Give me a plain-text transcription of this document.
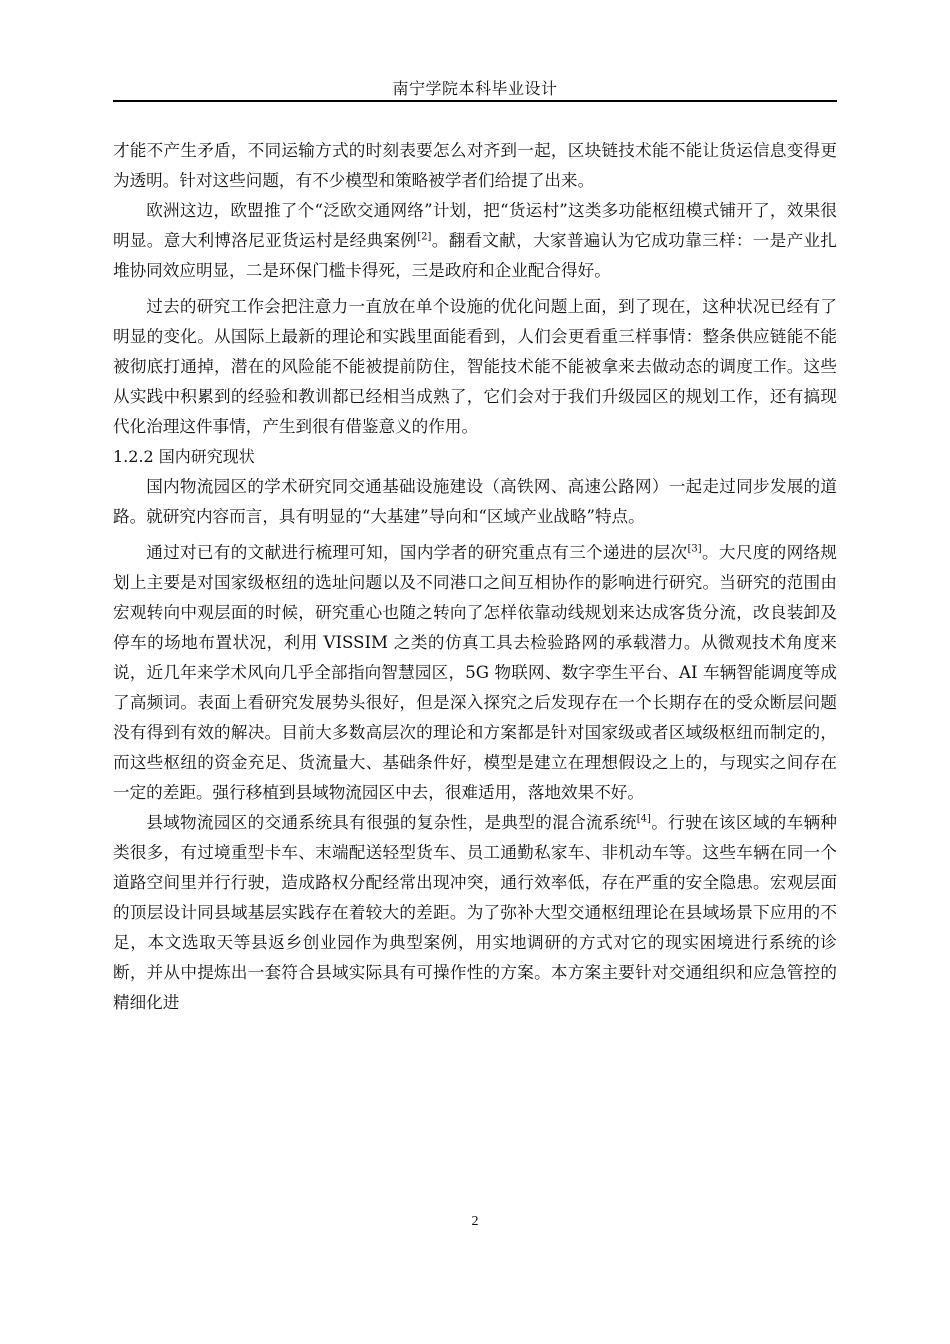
南宁学院本科毕业设计

才能不产生矛盾，不同运输方式的时刻表要怎么对齐到一起，区块链技术能不能让货运信息变得更为透明。针对这些问题，有不少模型和策略被学者们给提了出来。

欧洲这边，欧盟推了个“泛欧交通网络”计划，把“货运村”这类多功能枢纽模式铺开了，效果很明显。意大利博洛尼亚货运村是经典案例[2]。翻看文献，大家普遍认为它成功靠三样：一是产业扎堆协同效应明显，二是环保门槛卡得死，三是政府和企业配合得好。

过去的研究工作会把注意力一直放在单个设施的优化问题上面，到了现在，这种状况已经有了明显的变化。从国际上最新的理论和实践里面能看到，人们会更看重三样事情：整条供应链能不能被彻底打通掉，潜在的风险能不能被提前防住，智能技术能不能被拿来去做动态的调度工作。这些从实践中积累到的经验和教训都已经相当成熟了，它们会对于我们升级园区的规划工作，还有搞现代化治理这件事情，产生到很有借鉴意义的作用。

1.2.2 国内研究现状

国内物流园区的学术研究同交通基础设施建设（高铁网、高速公路网）一起走过同步发展的道路。就研究内容而言，具有明显的“大基建”导向和“区域产业战略”特点。

通过对已有的文献进行梳理可知，国内学者的研究重点有三个递进的层次[3]。大尺度的网络规划上主要是对国家级枢纽的选址问题以及不同港口之间互相协作的影响进行研究。当研究的范围由宏观转向中观层面的时候，研究重心也随之转向了怎样依靠动线规划来达成客货分流，改良装卸及停车的场地布置状况，利用 VISSIM 之类的仿真工具去检验路网的承载潜力。从微观技术角度来说，近几年来学术风向几乎全部指向智慧园区，5G 物联网、数字孪生平台、AI 车辆智能调度等成了高频词。表面上看研究发展势头很好，但是深入探究之后发现存在一个长期存在的受众断层问题没有得到有效的解决。目前大多数高层次的理论和方案都是针对国家级或者区域级枢纽而制定的，而这些枢纽的资金充足、货流量大、基础条件好，模型是建立在理想假设之上的，与现实之间存在一定的差距。强行移植到县域物流园区中去，很难适用，落地效果不好。

县域物流园区的交通系统具有很强的复杂性，是典型的混合流系统[4]。行驶在该区域的车辆种类很多，有过境重型卡车、末端配送轻型货车、员工通勤私家车、非机动车等。这些车辆在同一个道路空间里并行行驶，造成路权分配经常出现冲突，通行效率低，存在严重的安全隐患。宏观层面的顶层设计同县域基层实践存在着较大的差距。为了弥补大型交通枢纽理论在县域场景下应用的不足，本文选取天等县返乡创业园作为典型案例，用实地调研的方式对它的现实困境进行系统的诊断，并从中提炼出一套符合县域实际具有可操作性的方案。本方案主要针对交通组织和应急管控的精细化进

2
